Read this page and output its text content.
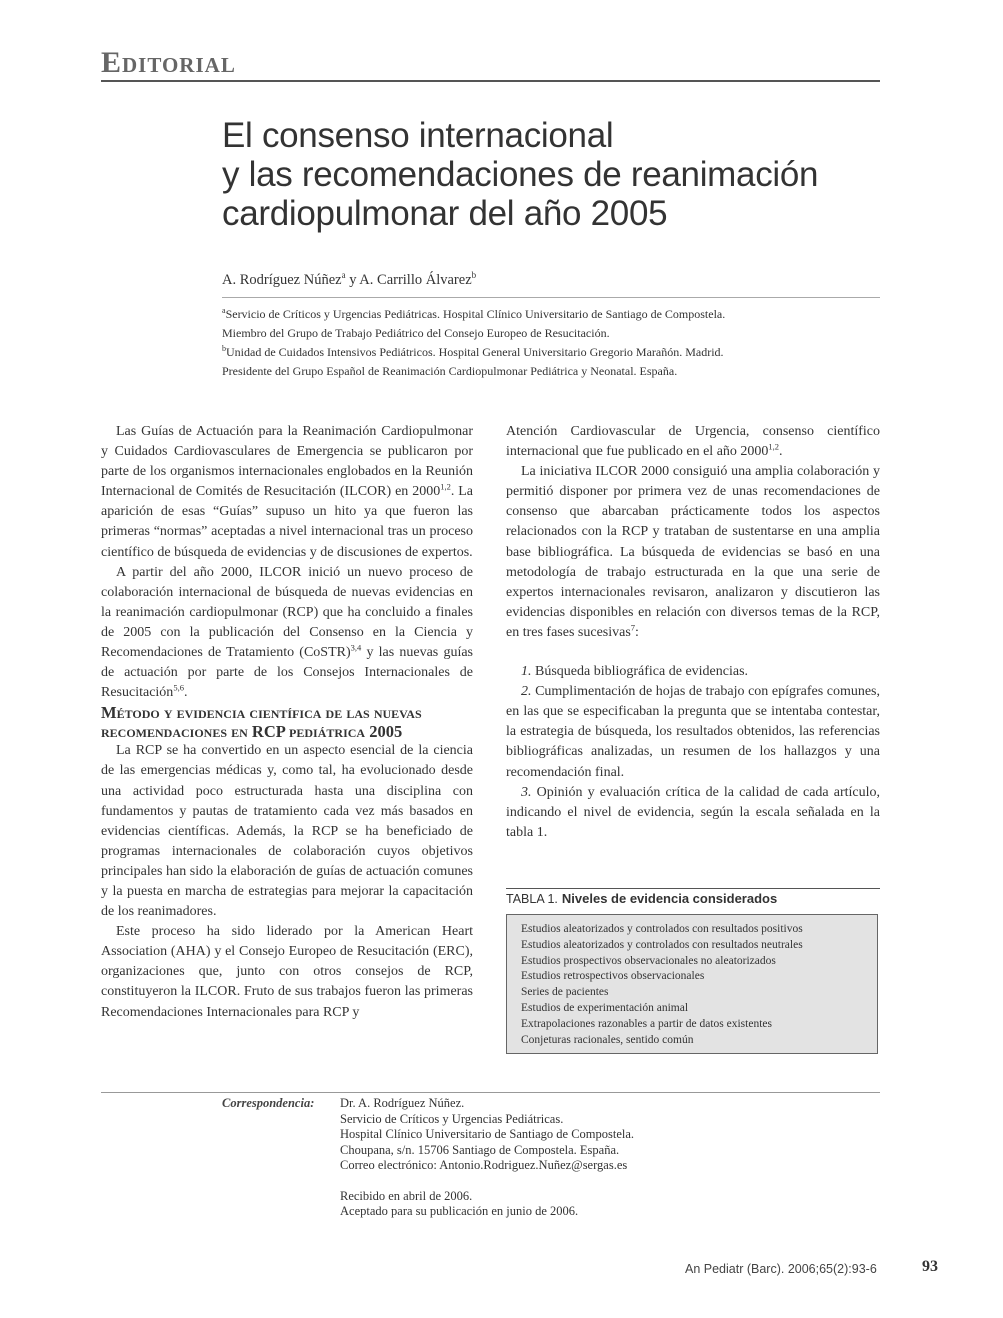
Editorial
El consenso internacional
y las recomendaciones de reanimación
cardiopulmonar del año 2005
A. Rodríguez Núñez$^a$ y A. Carrillo Álvarez$^b$
$^a$Servicio de Críticos y Urgencias Pediátricas. Hospital Clínico Universitario de Santiago de Compostela.
Miembro del Grupo de Trabajo Pediátrico del Consejo Europeo de Resucitación.
$^b$Unidad de Cuidados Intensivos Pediátricos. Hospital General Universitario Gregorio Marañón. Madrid.
Presidente del Grupo Español de Reanimación Cardiopulmonar Pediátrica y Neonatal. España.

Las Guías de Actuación para la Reanimación Cardiopulmonar y Cuidados Cardiovasculares de Emergencia se publicaron por parte de los organismos internacionales englobados en la Reunión Internacional de Comités de Resucitación (ILCOR) en 2000$^{1,2}$. La aparición de esas “Guías” supuso un hito ya que fueron las primeras “normas” aceptadas a nivel internacional tras un proceso científico de búsqueda de evidencias y de discusiones de expertos.

A partir del año 2000, ILCOR inició un nuevo proceso de colaboración internacional de búsqueda de nuevas evidencias en la reanimación cardiopulmonar (RCP) que ha concluido a finales de 2005 con la publicación del Consenso en la Ciencia y Recomendaciones de Tratamiento (CoSTR)$^{3,4}$ y las nuevas guías de actuación por parte de los Consejos Internacionales de Resucitación$^{5,6}$.

Método y evidencia científica de las nuevas recomendaciones en RCP pediátrica 2005

La RCP se ha convertido en un aspecto esencial de la ciencia de las emergencias médicas y, como tal, ha evolucionado desde una actividad poco estructurada hasta una disciplina con fundamentos y pautas de tratamiento cada vez más basados en evidencias científicas. Además, la RCP se ha beneficiado de programas internacionales de colaboración cuyos objetivos principales han sido la elaboración de guías de actuación comunes y la puesta en marcha de estrategias para mejorar la capacitación de los reanimadores.

Este proceso ha sido liderado por la American Heart Association (AHA) y el Consejo Europeo de Resucitación (ERC), organizaciones que, junto con otros consejos de RCP, constituyeron la ILCOR. Fruto de sus trabajos fueron las primeras Recomendaciones Internacionales para RCP y

Atención Cardiovascular de Urgencia, consenso científico internacional que fue publicado en el año 2000$^{1,2}$.

La iniciativa ILCOR 2000 consiguió una amplia colaboración y permitió disponer por primera vez de unas recomendaciones de consenso que abarcaban prácticamente todos los aspectos relacionados con la RCP y trataban de sustentarse en una amplia base bibliográfica. La búsqueda de evidencias se basó en una metodología de trabajo estructurada en la que una serie de expertos internacionales revisaron, analizaron y discutieron las evidencias disponibles en relación con diversos temas de la RCP, en tres fases sucesivas$^7$:

1. Búsqueda bibliográfica de evidencias.

2. Cumplimentación de hojas de trabajo con epígrafes comunes, en las que se especificaban la pregunta que se intentaba contestar, la estrategia de búsqueda, los resultados obtenidos, las referencias bibliográficas analizadas, un resumen de los hallazgos y una recomendación final.

3. Opinión y evaluación crítica de la calidad de cada artículo, indicando el nivel de evidencia, según la escala señalada en la tabla 1.

TABLA 1. Niveles de evidencia considerados
Estudios aleatorizados y controlados con resultados positivos
Estudios aleatorizados y controlados con resultados neutrales
Estudios prospectivos observacionales no aleatorizados
Estudios retrospectivos observacionales
Series de pacientes
Estudios de experimentación animal
Extrapolaciones razonables a partir de datos existentes
Conjeturas racionales, sentido común
Correspondencia: Dr. A. Rodríguez Núñez.
Servicio de Críticos y Urgencias Pediátricas.
Hospital Clínico Universitario de Santiago de Compostela.
Choupana, s/n. 15706 Santiago de Compostela. España.
Correo electrónico: Antonio.Rodriguez.Nuñez@sergas.es
Recibido en abril de 2006.
Aceptado para su publicación en junio de 2006.
An Pediatr (Barc). 2006;65(2):93-6	93
